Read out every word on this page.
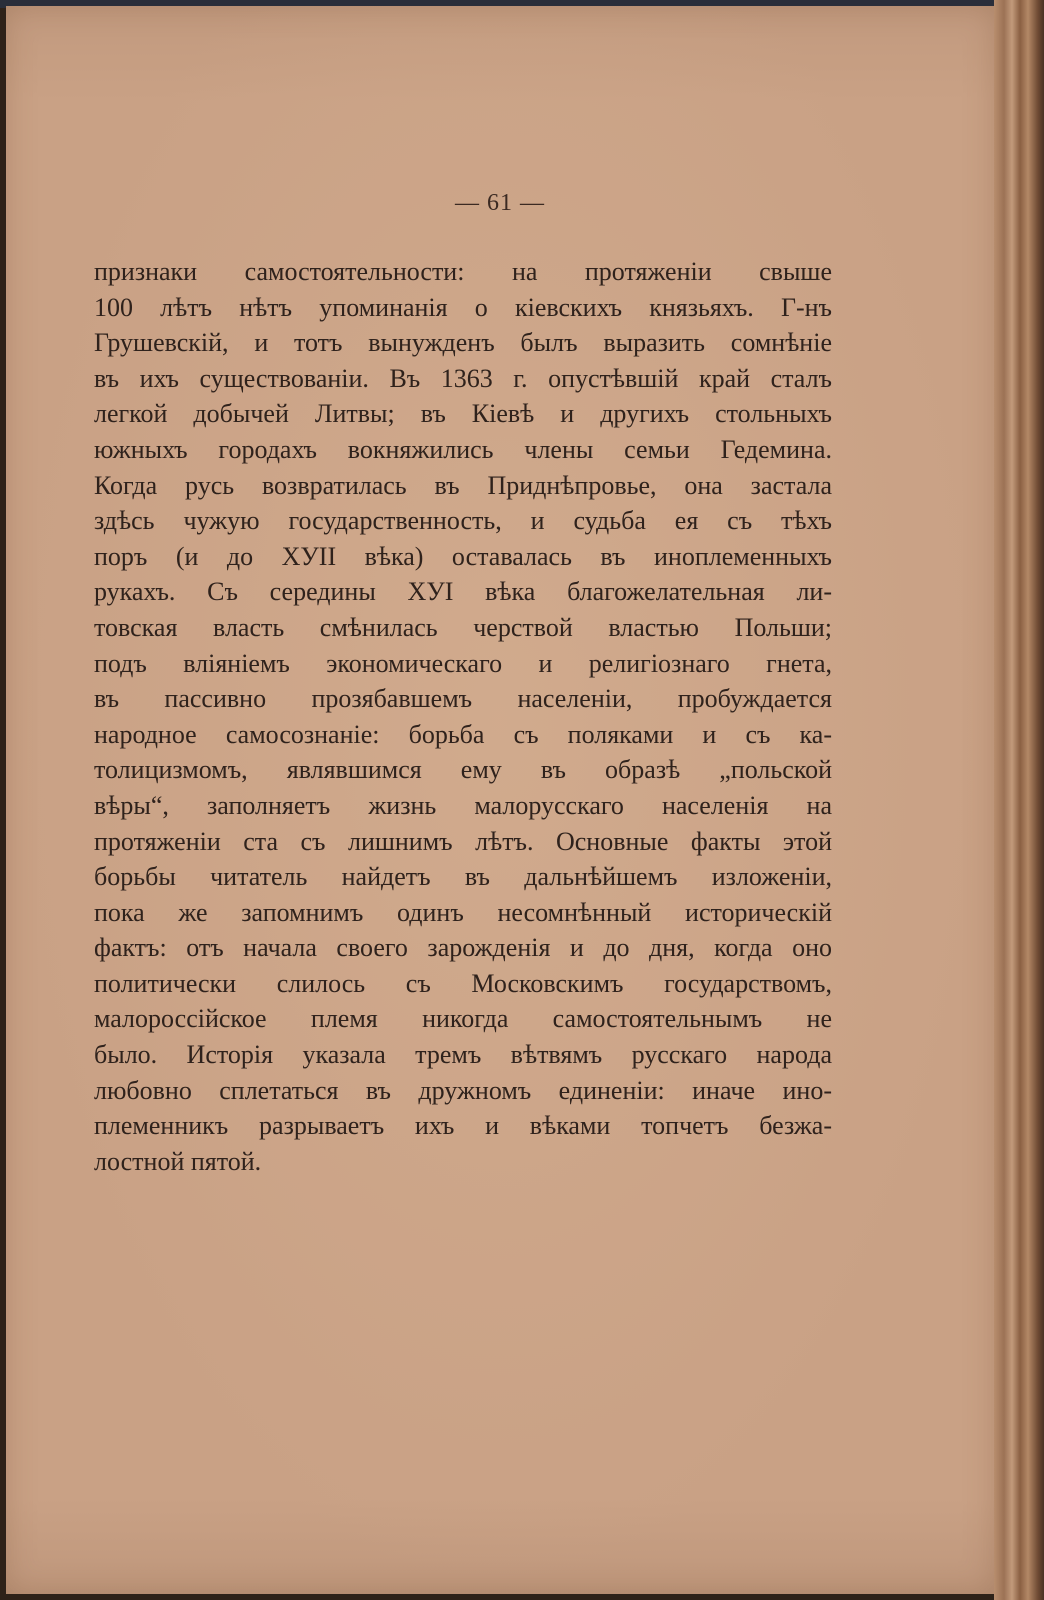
— 61 —
признаки самостоятельности: на протяженіи свыше
100 лѣтъ нѣтъ упоминанія о кіевскихъ князьяхъ. Г-нъ
Грушевскій, и тотъ вынужденъ былъ выразить сомнѣніе
въ ихъ существованіи. Въ 1363 г. опустѣвшій край сталъ
легкой добычей Литвы; въ Кіевѣ и другихъ стольныхъ
южныхъ городахъ вокняжились члены семьи Гедемина.
Когда русь возвратилась въ Приднѣпровье, она застала
здѣсь чужую государственность, и судьба ея съ тѣхъ
поръ (и до XУII вѣка) оставалась въ иноплеменныхъ
рукахъ. Съ середины XУI вѣка благожелательная ли-
товская власть смѣнилась черствой властью Польши;
подъ вліяніемъ экономическаго и религіознаго гнета,
въ пассивно прозябавшемъ населеніи, пробуждается
народное самосознаніе: борьба съ поляками и съ ка-
толицизмомъ, являвшимся ему въ образѣ „польской
вѣры“, заполняетъ жизнь малорусскаго населенія на
протяженіи ста съ лишнимъ лѣтъ. Основные факты этой
борьбы читатель найдетъ въ дальнѣйшемъ изложеніи,
пока же запомнимъ одинъ несомнѣнный историческій
фактъ: отъ начала своего зарожденія и до дня, когда оно
политически слилось съ Московскимъ государствомъ,
малороссійское племя никогда самостоятельнымъ не
было. Исторія указала тремъ вѣтвямъ русскаго народа
любовно сплетаться въ дружномъ единеніи: иначе ино-
племенникъ разрываетъ ихъ и вѣками топчетъ безжа-
лостной пятой.
